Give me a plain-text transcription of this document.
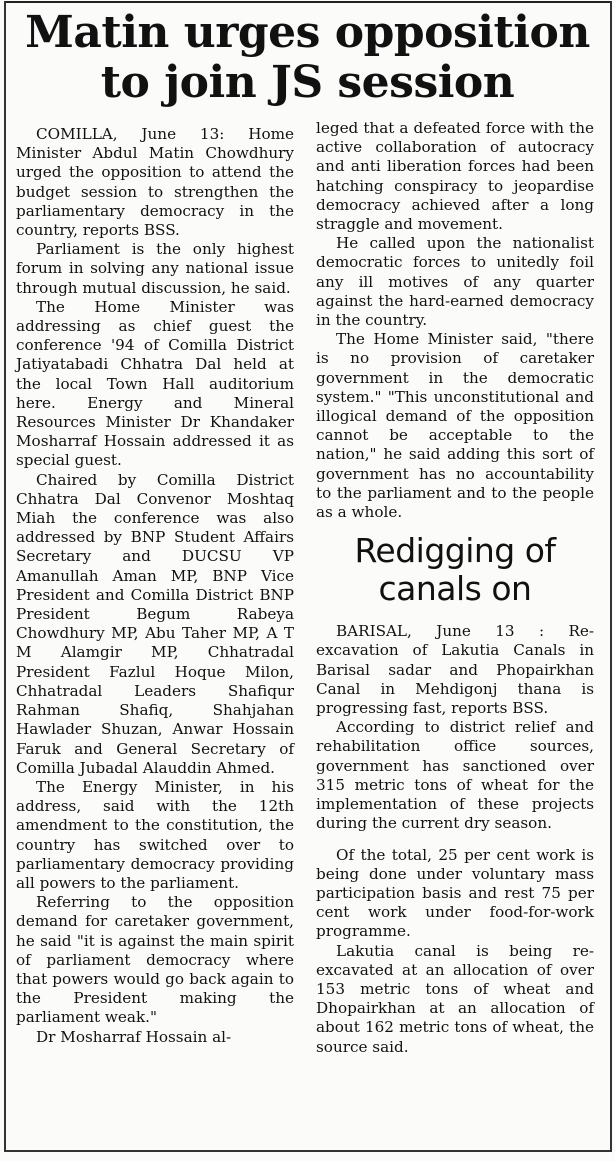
Matin urges opposition to join JS session

COMILLA, June 13: Home Minister Abdul Matin Chowdhury urged the opposition to attend the budget session to strengthen the parliamentary democracy in the country, reports BSS.

Parliament is the only highest forum in solving any national issue through mutual discussion, he said.

The Home Minister was addressing as chief guest the conference '94 of Comilla District Jatiyatabadi Chhatra Dal held at the local Town Hall auditorium here. Energy and Mineral Resources Minister Dr Khandaker Mosharraf Hossain addressed it as special guest.

Chaired by Comilla District Chhatra Dal Convenor Moshtaq Miah the conference was also addressed by BNP Student Affairs Secretary and DUCSU VP Amanullah Aman MP, BNP Vice President and Comilla District BNP President Begum Rabeya Chowdhury MP, Abu Taher MP, A T M Alamgir MP, Chhatradal President Fazlul Hoque Milon, Chhatradal Leaders Shafiqur Rahman Shafiq, Shahjahan Hawlader Shuzan, Anwar Hossain Faruk and General Secretary of Comilla Jubadal Alauddin Ahmed.

The Energy Minister, in his address, said with the 12th amendment to the constitution, the country has switched over to parliamentary democracy providing all powers to the parliament.

Referring to the opposition demand for caretaker government, he said "it is against the main spirit of parliament democracy where that powers would go back again to the President making the parliament weak."

Dr Mosharraf Hossain al-

leged that a defeated force with the active collaboration of autocracy and anti liberation forces had been hatching conspiracy to jeopardise democracy achieved after a long straggle and movement.

He called upon the nationalist democratic forces to unitedly foil any ill motives of any quarter against the hard-earned democracy in the country.

The Home Minister said, "there is no provision of caretaker government in the democratic system." "This unconstitutional and illogical demand of the opposition cannot be acceptable to the nation," he said adding this sort of government has no accountability to the parliament and to the people as a whole.

Redigging of canals on

BARISAL, June 13 : Re-excavation of Lakutia Canals in Barisal sadar and Phopairkhan Canal in Mehdigonj thana is progressing fast, reports BSS.

According to district relief and rehabilitation office sources, government has sanctioned over 315 metric tons of wheat for the implementation of these projects during the current dry season.

Of the total, 25 per cent work is being done under voluntary mass participation basis and rest 75 per cent work under food-for-work programme.

Lakutia canal is being re-excavated at an allocation of over 153 metric tons of wheat and Dhopairkhan at an allocation of about 162 metric tons of wheat, the source said.
